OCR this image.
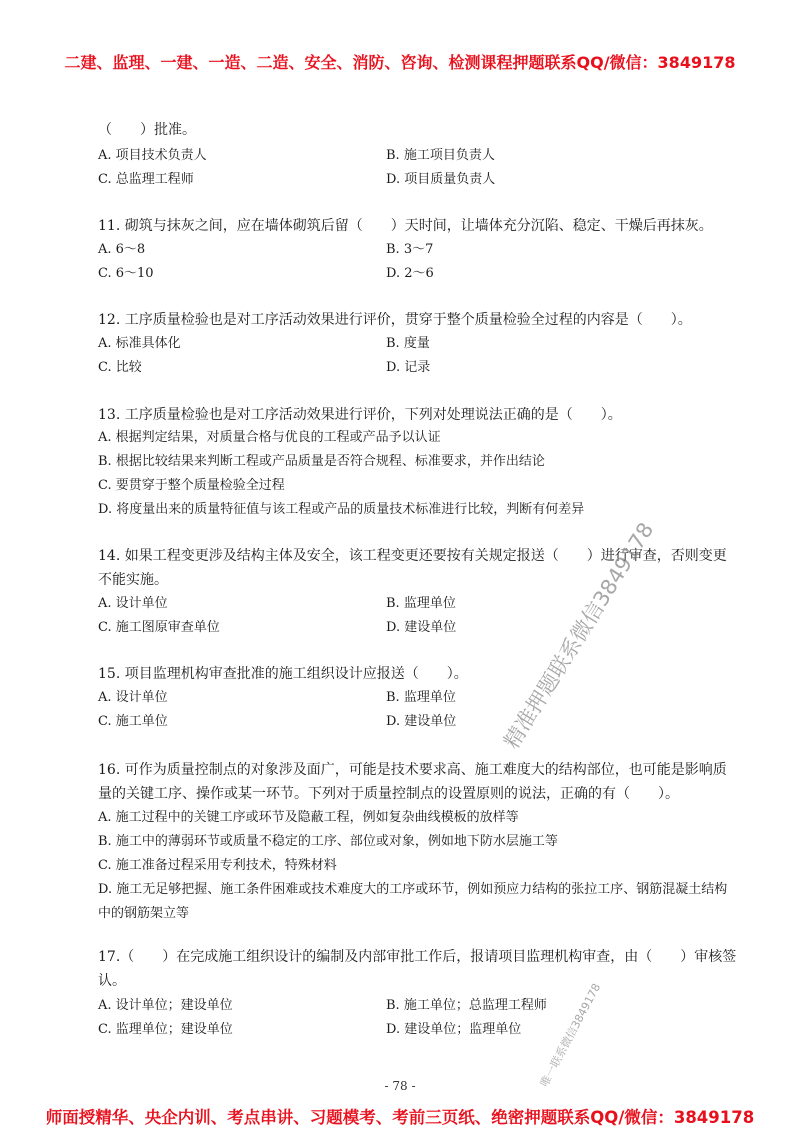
二建、监理、一建、一造、二造、安全、消防、咨询、检测课程押题联系QQ/微信：3849178
（　　）批准。
A. 项目技术负责人	B. 施工项目负责人
C. 总监理工程师	D. 项目质量负责人
11. 砌筑与抹灰之间，应在墙体砌筑后留（　　）天时间，让墙体充分沉陷、稳定、干燥后再抹灰。
A. 6～8	B. 3～7
C. 6～10	D. 2～6
12. 工序质量检验也是对工序活动效果进行评价，贯穿于整个质量检验全过程的内容是（　　）。
A. 标准具体化	B. 度量
C. 比较	D. 记录
13. 工序质量检验也是对工序活动效果进行评价，下列对处理说法正确的是（　　）。
A. 根据判定结果，对质量合格与优良的工程或产品予以认证
B. 根据比较结果来判断工程或产品质量是否符合规程、标准要求，并作出结论
C. 要贯穿于整个质量检验全过程
D. 将度量出来的质量特征值与该工程或产品的质量技术标准进行比较，判断有何差异
14. 如果工程变更涉及结构主体及安全，该工程变更还要按有关规定报送（　　）进行审查，否则变更不能实施。
A. 设计单位	B. 监理单位
C. 施工图原审查单位	D. 建设单位
15. 项目监理机构审查批准的施工组织设计应报送（　　）。
A. 设计单位	B. 监理单位
C. 施工单位	D. 建设单位
16. 可作为质量控制点的对象涉及面广，可能是技术要求高、施工难度大的结构部位，也可能是影响质量的关键工序、操作或某一环节。下列对于质量控制点的设置原则的说法，正确的有（　　）。
A. 施工过程中的关键工序或环节及隐蔽工程，例如复杂曲线模板的放样等
B. 施工中的薄弱环节或质量不稳定的工序、部位或对象，例如地下防水层施工等
C. 施工准备过程采用专利技术，特殊材料
D. 施工无足够把握、施工条件困难或技术难度大的工序或环节，例如预应力结构的张拉工序、钢筋混凝土结构中的钢筋架立等
17.（　　）在完成施工组织设计的编制及内部审批工作后，报请项目监理机构审查，由（　　）审核签认。
A. 设计单位；建设单位	B. 施工单位；总监理工程师
C. 监理单位；建设单位	D. 建设单位；监理单位
精准押题联系微信3849178
唯一联系微信3849178
- 78 -
师面授精华、央企内训、考点串讲、习题模考、考前三页纸、绝密押题联系QQ/微信：3849178
